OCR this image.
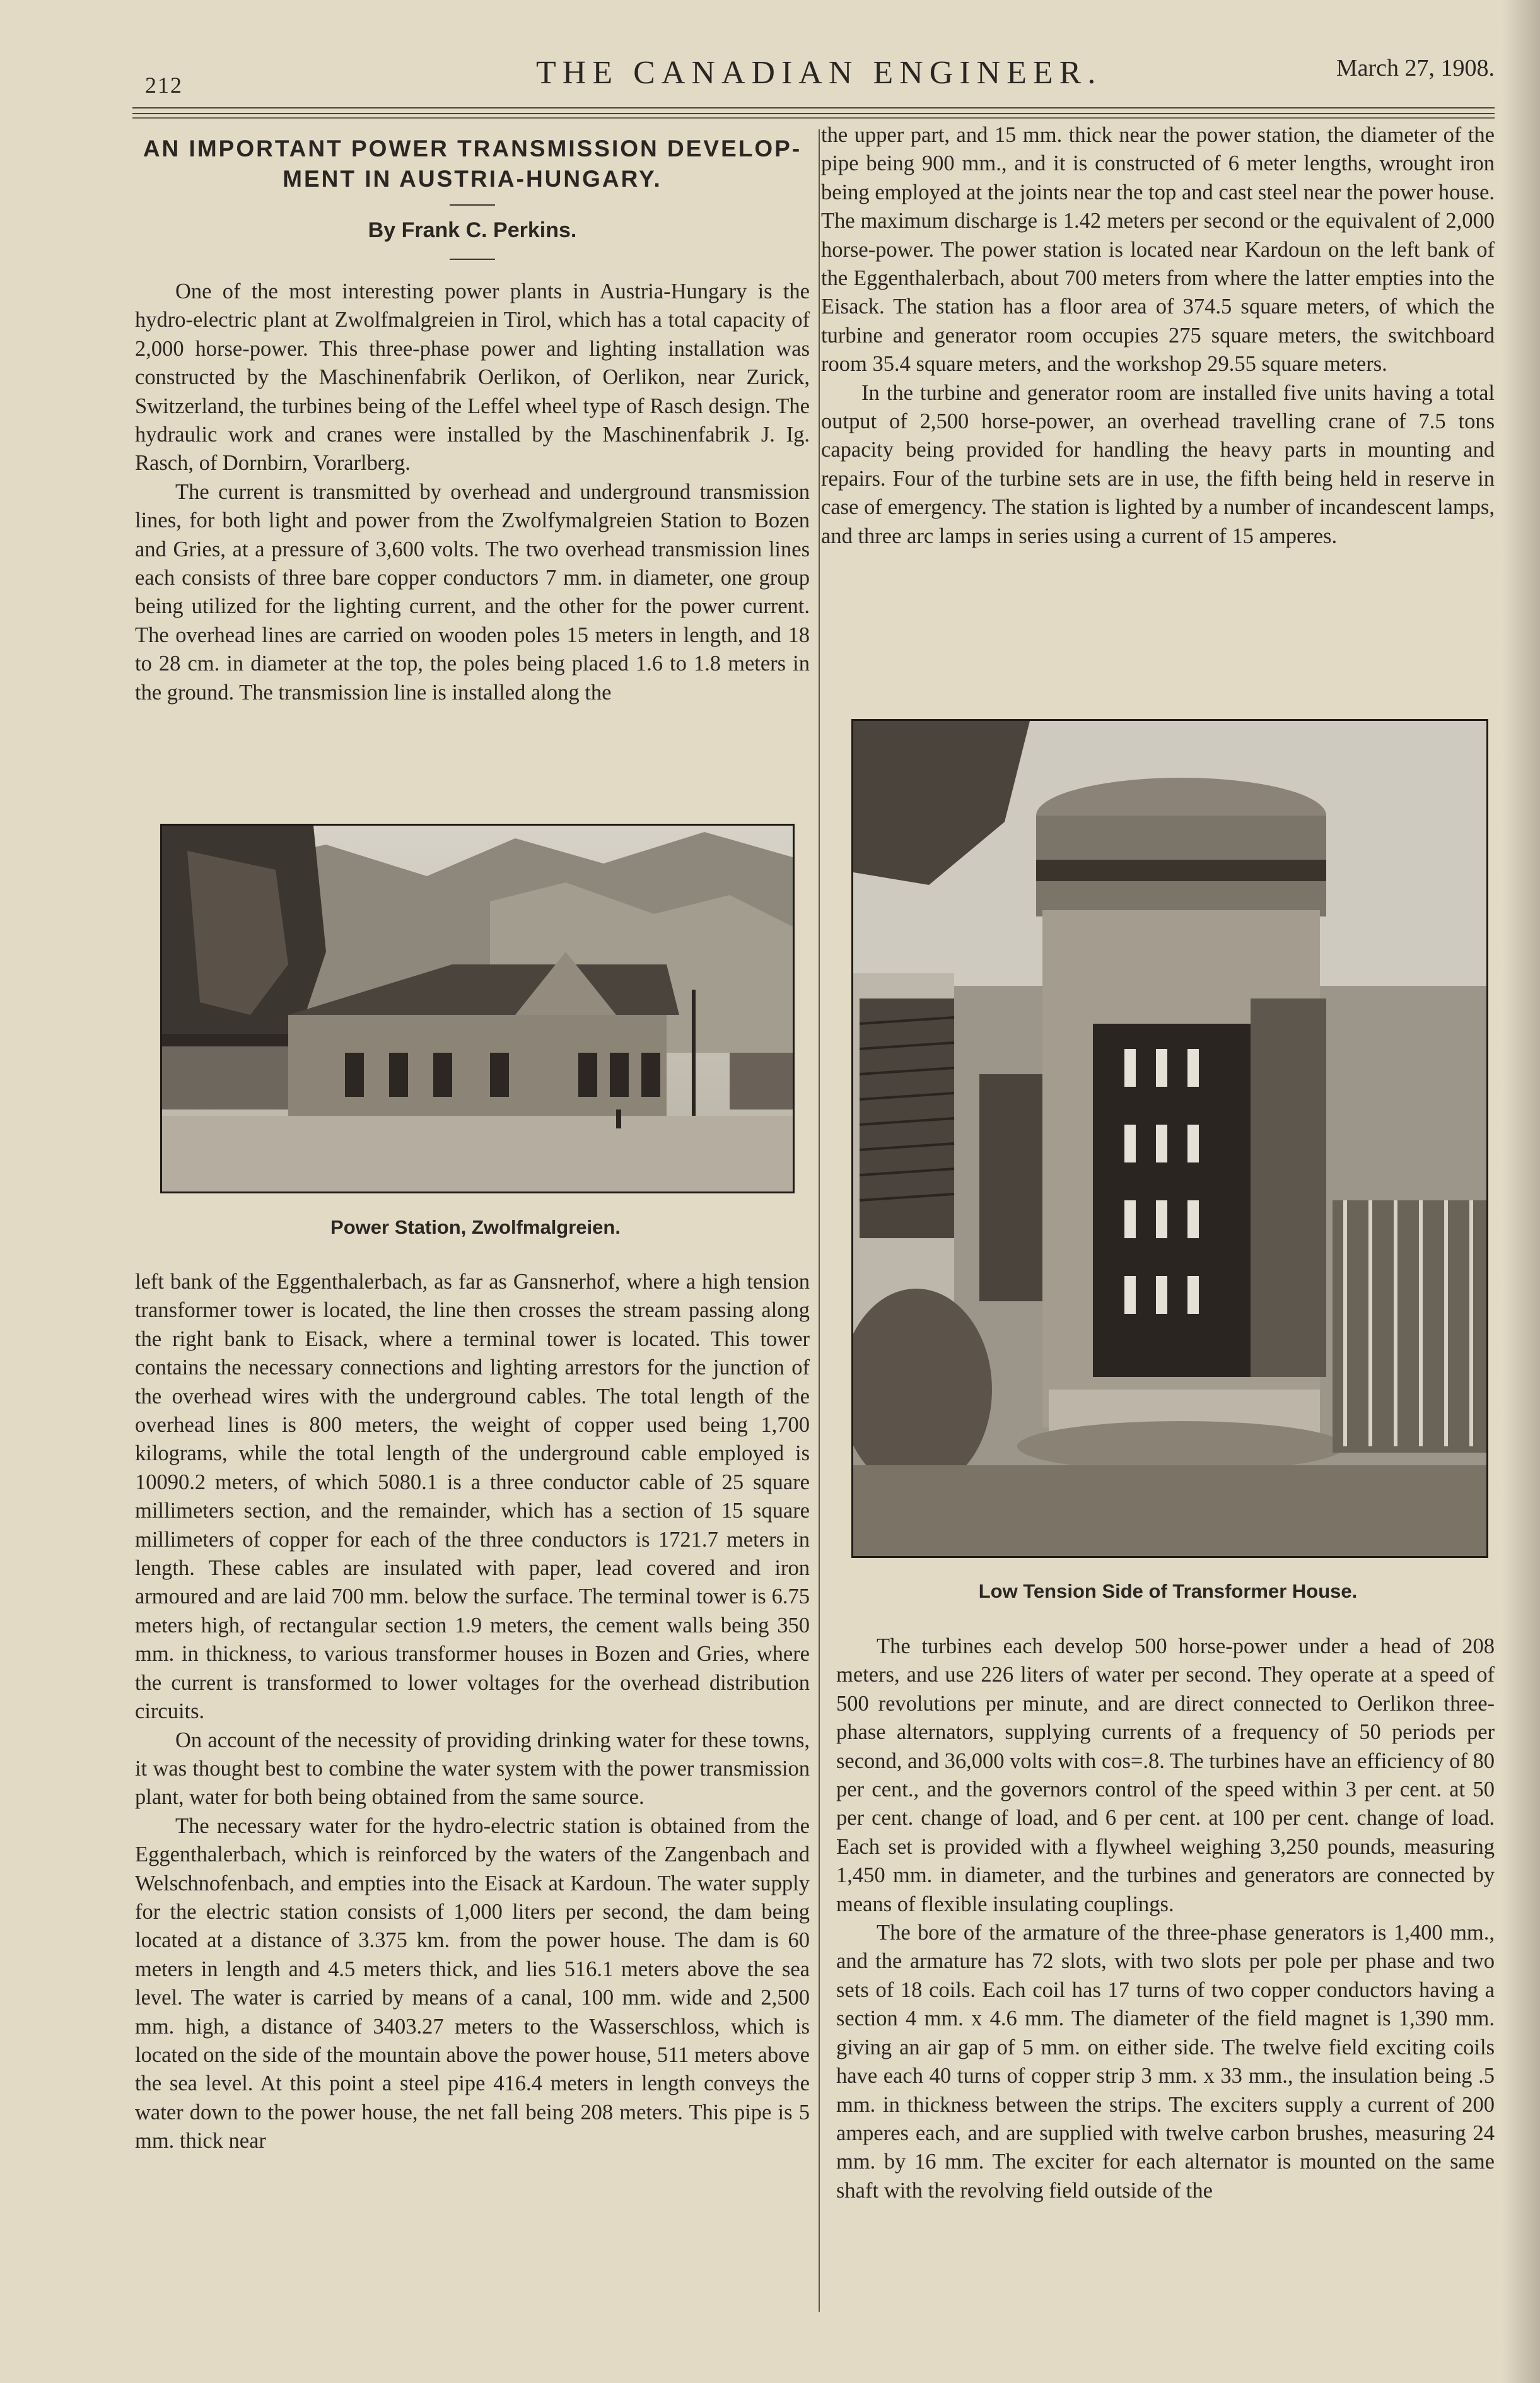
212	THE CANADIAN ENGINEER.	March 27, 1908.
AN IMPORTANT POWER TRANSMISSION DEVELOP-
MENT IN AUSTRIA-HUNGARY.
By Frank C. Perkins.

One of the most interesting power plants in Austria-Hungary is the hydro-electric plant at Zwolfmalgreien in Tirol, which has a total capacity of 2,000 horse-power. This three-phase power and lighting installation was constructed by the Maschinenfabrik Oerlikon, of Oerlikon, near Zurick, Switzerland, the turbines being of the Leffel wheel type of Rasch design. The hydraulic work and cranes were installed by the Maschinenfabrik J. Ig. Rasch, of Dornbirn, Vorarlberg.

The current is transmitted by overhead and underground transmission lines, for both light and power from the Zwolfymalgreien Station to Bozen and Gries, at a pressure of 3,600 volts. The two overhead transmission lines each consists of three bare copper conductors 7 mm. in diameter, one group being utilized for the lighting current, and the other for the power current. The overhead lines are carried on wooden poles 15 meters in length, and 18 to 28 cm. in diameter at the top, the poles being placed 1.6 to 1.8 meters in the ground. The transmission line is installed along the

Power Station, Zwolfmalgreien.

left bank of the Eggenthalerbach, as far as Gansnerhof, where a high tension transformer tower is located, the line then crosses the stream passing along the right bank to Eisack, where a terminal tower is located. This tower contains the necessary connections and lighting arrestors for the junction of the overhead wires with the underground cables. The total length of the overhead lines is 800 meters, the weight of copper used being 1,700 kilograms, while the total length of the underground cable employed is 10090.2 meters, of which 5080.1 is a three conductor cable of 25 square millimeters section, and the remainder, which has a section of 15 square millimeters of copper for each of the three conductors is 1721.7 meters in length. These cables are insulated with paper, lead covered and iron armoured and are laid 700 mm. below the surface. The terminal tower is 6.75 meters high, of rectangular section 1.9 meters, the cement walls being 350 mm. in thickness, to various transformer houses in Bozen and Gries, where the current is transformed to lower voltages for the overhead distribution circuits.

On account of the necessity of providing drinking water for these towns, it was thought best to combine the water system with the power transmission plant, water for both being obtained from the same source.

The necessary water for the hydro-electric station is obtained from the Eggenthalerbach, which is reinforced by the waters of the Zangenbach and Welschnofenbach, and empties into the Eisack at Kardoun. The water supply for the electric station consists of 1,000 liters per second, the dam being located at a distance of 3.375 km. from the power house. The dam is 60 meters in length and 4.5 meters thick, and lies 516.1 meters above the sea level. The water is carried by means of a canal, 100 mm. wide and 2,500 mm. high, a distance of 3403.27 meters to the Wasserschloss, which is located on the side of the mountain above the power house, 511 meters above the sea level. At this point a steel pipe 416.4 meters in length conveys the water down to the power house, the net fall being 208 meters. This pipe is 5 mm. thick near

the upper part, and 15 mm. thick near the power station, the diameter of the pipe being 900 mm., and it is constructed of 6 meter lengths, wrought iron being employed at the joints near the top and cast steel near the power house. The maximum discharge is 1.42 meters per second or the equivalent of 2,000 horse-power. The power station is located near Kardoun on the left bank of the Eggenthalerbach, about 700 meters from where the latter empties into the Eisack. The station has a floor area of 374.5 square meters, of which the turbine and generator room occupies 275 square meters, the switchboard room 35.4 square meters, and the workshop 29.55 square meters.

In the turbine and generator room are installed five units having a total output of 2,500 horse-power, an overhead travelling crane of 7.5 tons capacity being provided for handling the heavy parts in mounting and repairs. Four of the turbine sets are in use, the fifth being held in reserve in case of emergency. The station is lighted by a number of incandescent lamps, and three arc lamps in series using a current of 15 amperes.

Low Tension Side of Transformer House.

The turbines each develop 500 horse-power under a head of 208 meters, and use 226 liters of water per second. They operate at a speed of 500 revolutions per minute, and are direct connected to Oerlikon three-phase alternators, supplying currents of a frequency of 50 periods per second, and 36,000 volts with cos=.8. The turbines have an efficiency of 80 per cent., and the governors control of the speed within 3 per cent. at 50 per cent. change of load, and 6 per cent. at 100 per cent. change of load. Each set is provided with a flywheel weighing 3,250 pounds, measuring 1,450 mm. in diameter, and the turbines and generators are connected by means of flexible insulating couplings.

The bore of the armature of the three-phase generators is 1,400 mm., and the armature has 72 slots, with two slots per pole per phase and two sets of 18 coils. Each coil has 17 turns of two copper conductors having a section 4 mm. x 4.6 mm. The diameter of the field magnet is 1,390 mm. giving an air gap of 5 mm. on either side. The twelve field exciting coils have each 40 turns of copper strip 3 mm. x 33 mm., the insulation being .5 mm. in thickness between the strips. The exciters supply a current of 200 amperes each, and are supplied with twelve carbon brushes, measuring 24 mm. by 16 mm. The exciter for each alternator is mounted on the same shaft with the revolving field outside of the
